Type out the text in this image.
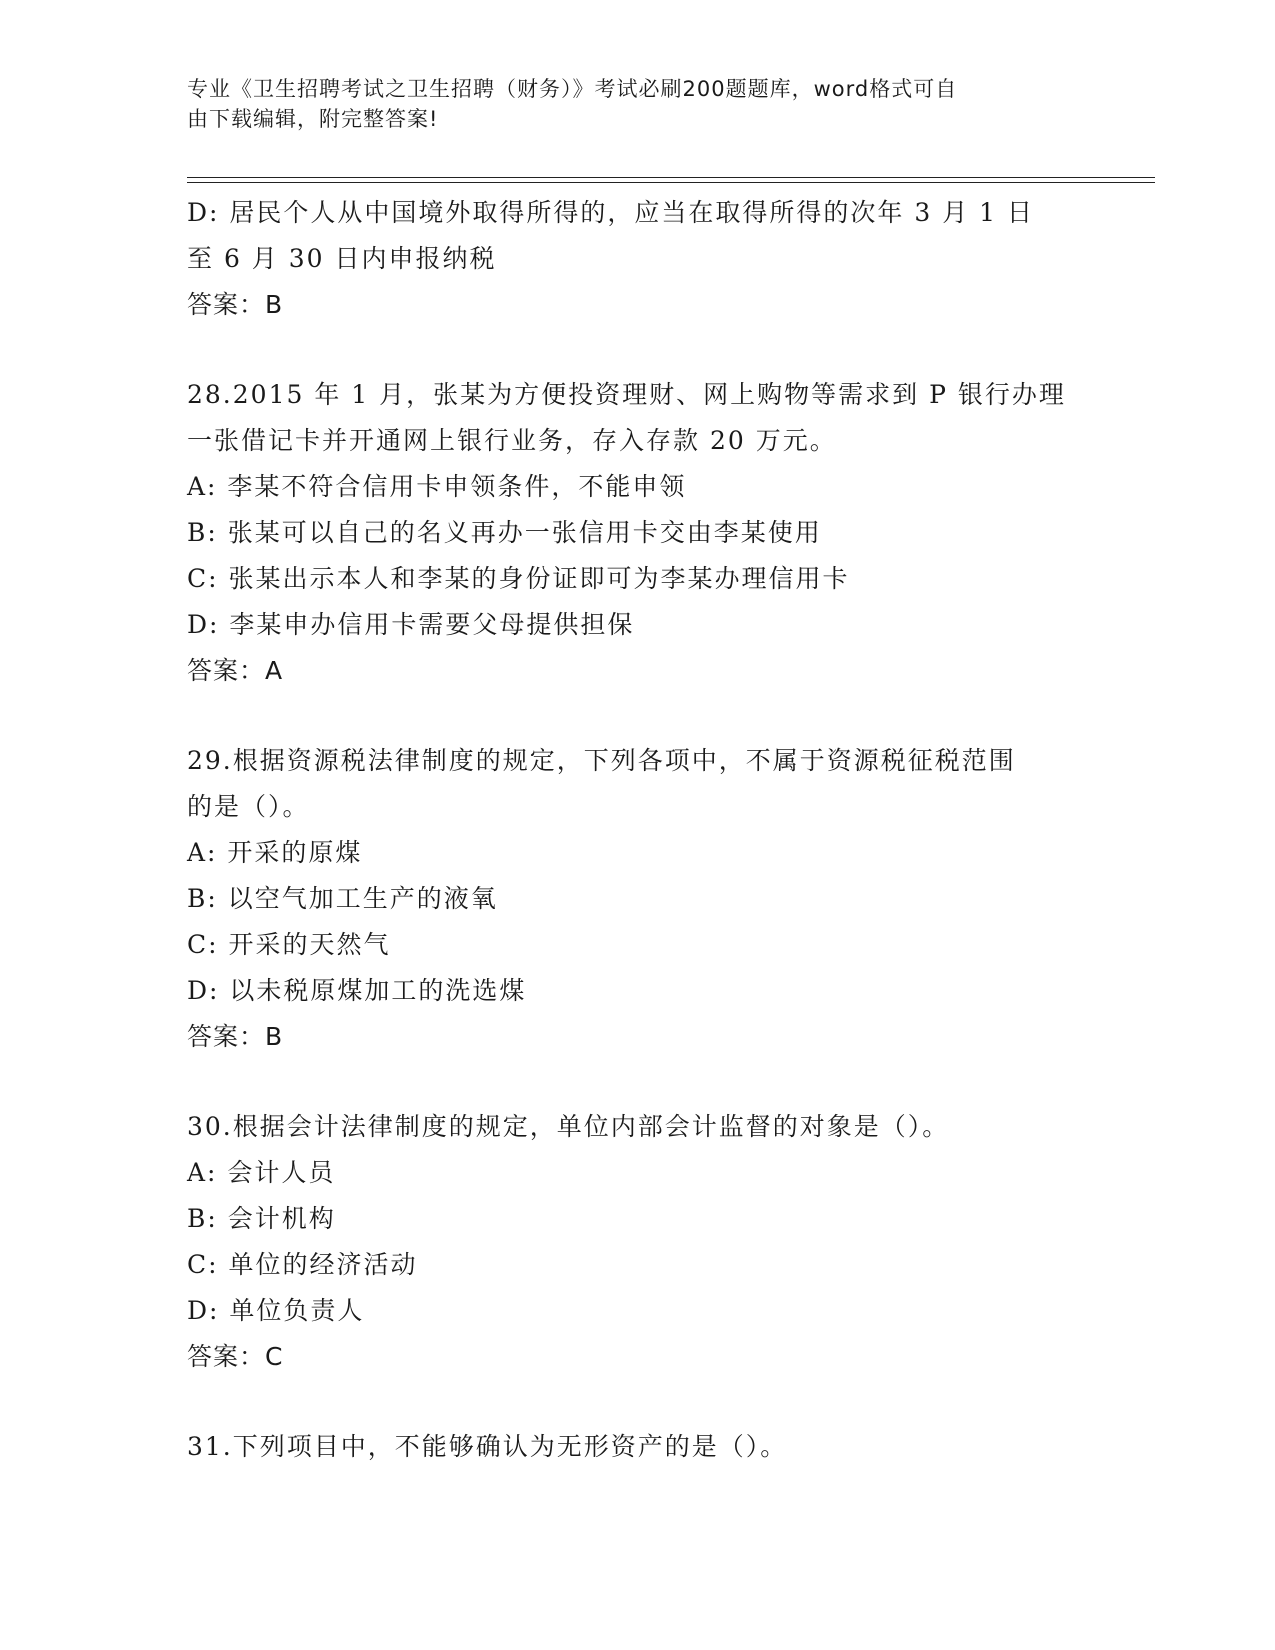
专业《卫生招聘考试之卫生招聘（财务）》考试必刷200题题库，word格式可自
由下载编辑，附完整答案!
D: 居民个人从中国境外取得所得的，应当在取得所得的次年 3 月 1 日
至 6 月 30 日内申报纳税
答案：B
28.2015 年 1 月，张某为方便投资理财、网上购物等需求到 P 银行办理
一张借记卡并开通网上银行业务，存入存款 20 万元。
A: 李某不符合信用卡申领条件，不能申领
B: 张某可以自己的名义再办一张信用卡交由李某使用
C: 张某出示本人和李某的身份证即可为李某办理信用卡
D: 李某申办信用卡需要父母提供担保
答案：A
29.根据资源税法律制度的规定，下列各项中，不属于资源税征税范围
的是（）。
A: 开采的原煤
B: 以空气加工生产的液氧
C: 开采的天然气
D: 以未税原煤加工的洗选煤
答案：B
30.根据会计法律制度的规定，单位内部会计监督的对象是（）。
A: 会计人员
B: 会计机构
C: 单位的经济活动
D: 单位负责人
答案：C
31.下列项目中，不能够确认为无形资产的是（）。
